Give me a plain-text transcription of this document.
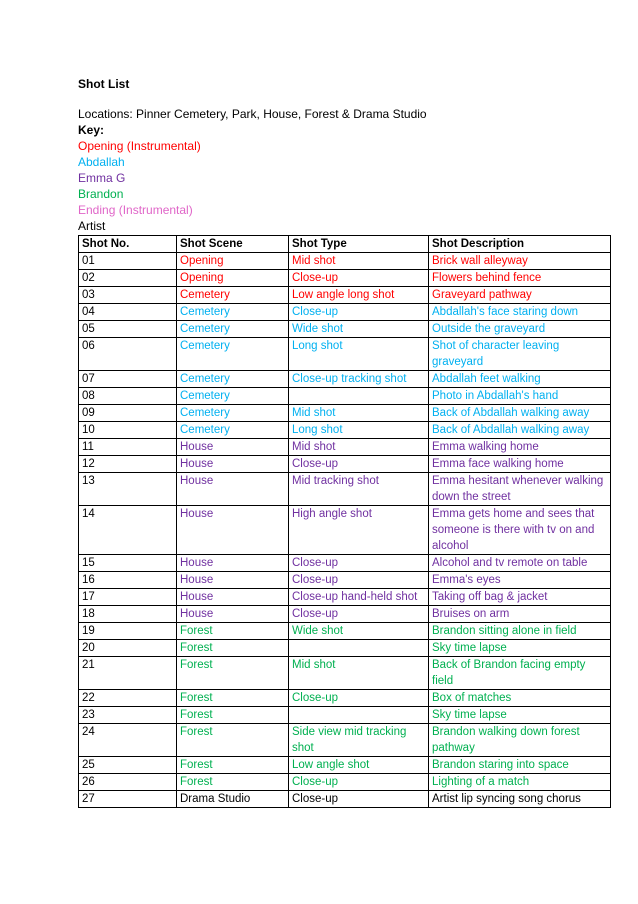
Shot List
Locations: Pinner Cemetery, Park, House, Forest & Drama Studio
Key:
Opening (Instrumental)
Abdallah
Emma G
Brandon
Ending (Instrumental)
Artist
Shot No.	Shot Scene	Shot Type	Shot Description
01	Opening	Mid shot	Brick wall alleyway
02	Opening	Close-up	Flowers behind fence
03	Cemetery	Low angle long shot	Graveyard pathway
04	Cemetery	Close-up	Abdallah's face staring down
05	Cemetery	Wide shot	Outside the graveyard
06	Cemetery	Long shot	Shot of character leaving graveyard
07	Cemetery	Close-up tracking shot	Abdallah feet walking
08	Cemetery		Photo in Abdallah's hand
09	Cemetery	Mid shot	Back of Abdallah walking away
10	Cemetery	Long shot	Back of Abdallah walking away
11	House	Mid shot	Emma walking home
12	House	Close-up	Emma face walking home
13	House	Mid tracking shot	Emma hesitant whenever walking down the street
14	House	High angle shot	Emma gets home and sees that someone is there with tv on and alcohol
15	House	Close-up	Alcohol and tv remote on table
16	House	Close-up	Emma's eyes
17	House	Close-up hand-held shot	Taking off bag & jacket
18	House	Close-up	Bruises on arm
19	Forest	Wide shot	Brandon sitting alone in field
20	Forest		Sky time lapse
21	Forest	Mid shot	Back of Brandon facing empty field
22	Forest	Close-up	Box of matches
23	Forest		Sky time lapse
24	Forest	Side view mid tracking shot	Brandon walking down forest pathway
25	Forest	Low angle shot	Brandon staring into space
26	Forest	Close-up	Lighting of a match
27	Drama Studio	Close-up	Artist lip syncing song chorus
